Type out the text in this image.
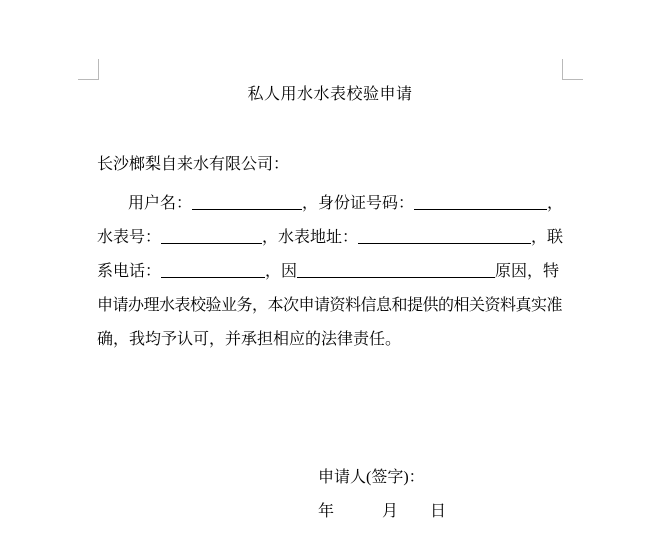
私人用水水表校验申请

长沙榔梨自来水有限公司：

用户名：	，身份证号码：	，
水表号：	，水表地址：	，联
系电话：	，因	原因，特
申请办理水表校验业务，本次申请资料信息和提供的相关资料真实准
确，我均予认可，并承担相应的法律责任。
申请人(签字)：
年	月 日
